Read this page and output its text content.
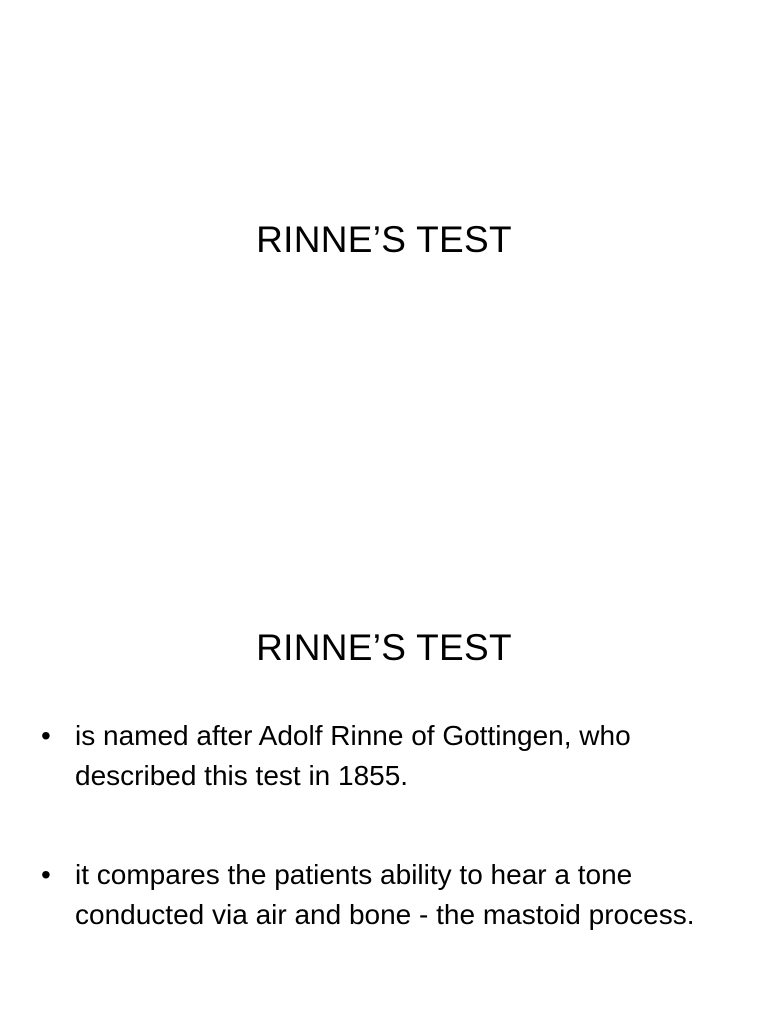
RINNE’S TEST
RINNE’S TEST
• is named after Adolf Rinne of Gottingen, who described this test in 1855.
• it compares the patients ability to hear a tone conducted via air and bone - the mastoid process.
